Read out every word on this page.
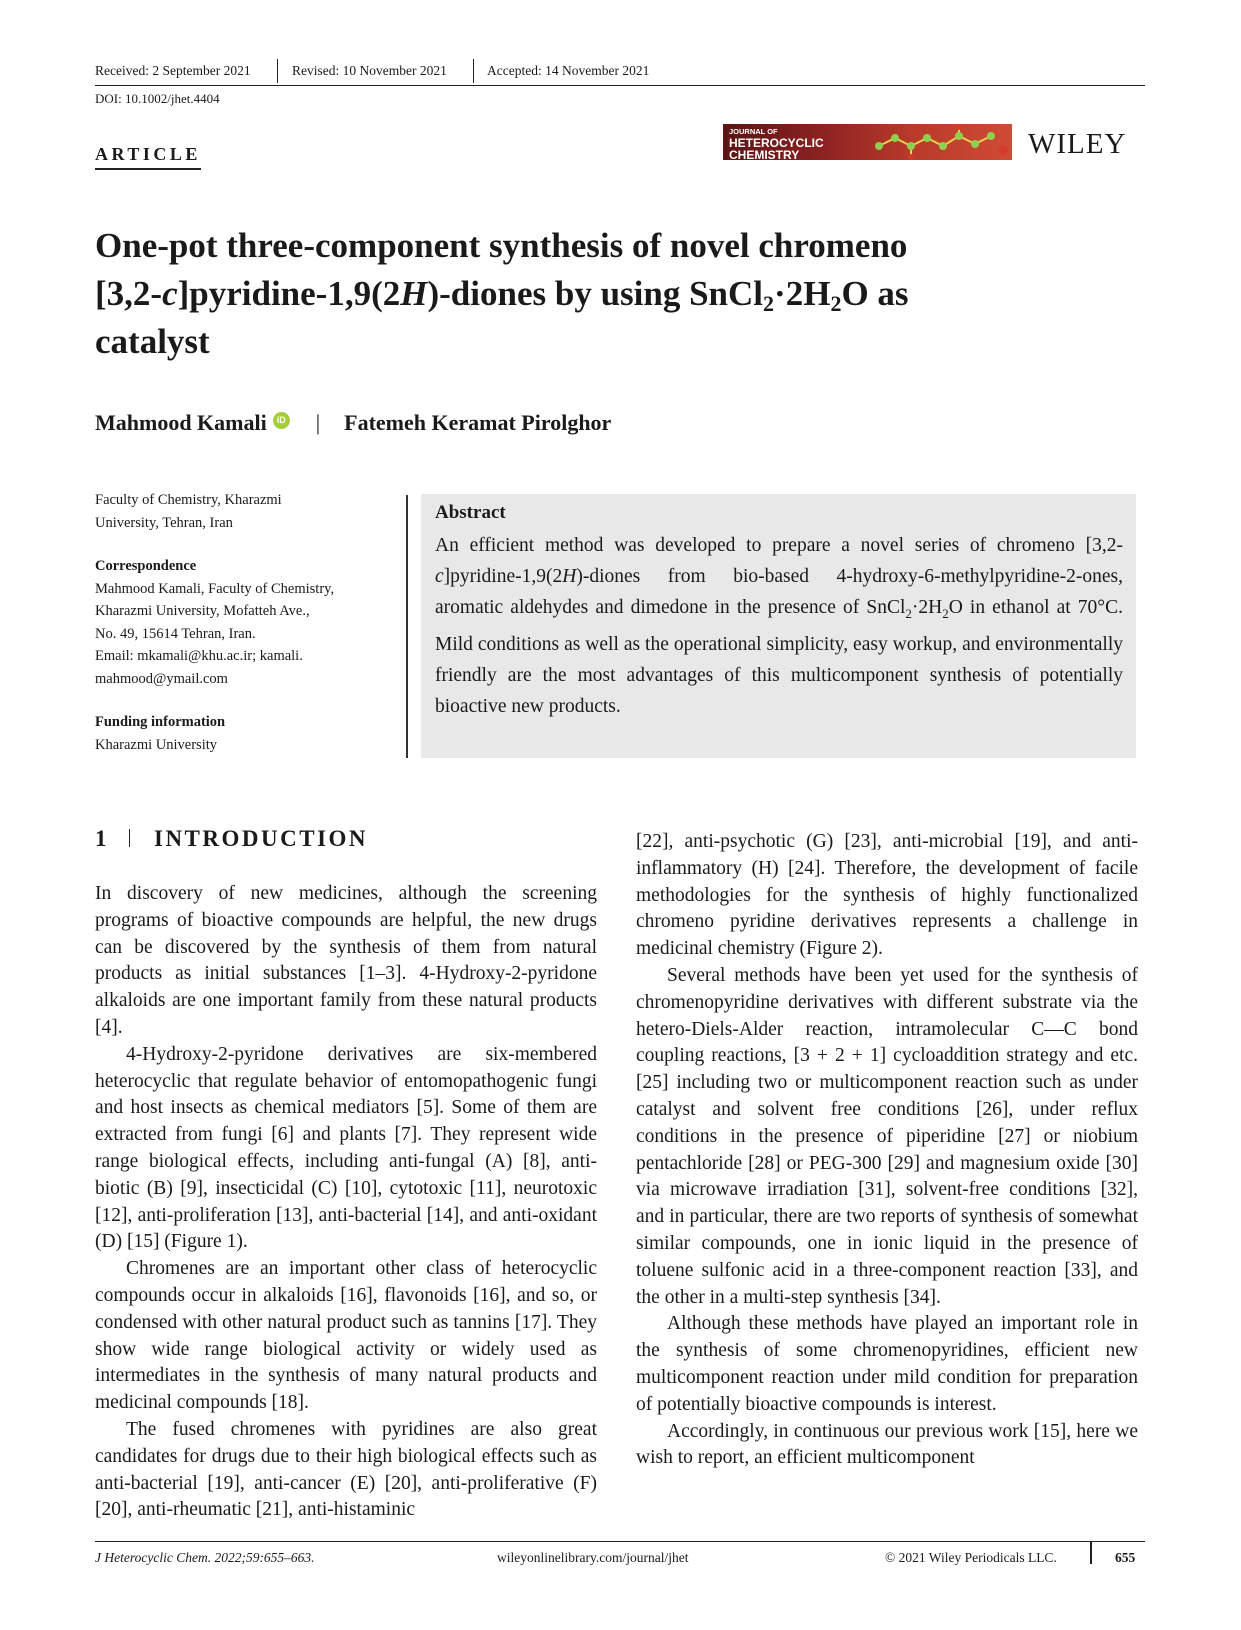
Received: 2 September 2021	Revised: 10 November 2021	Accepted: 14 November 2021
DOI: 10.1002/jhet.4404
ARTICLE
JOURNAL OF
HETEROCYCLIC
CHEMISTRY	WILEY
One-pot three-component synthesis of novel chromeno
[3,2-c]pyridine-1,9(2H)-diones by using $SnCl_2\cdot 2H_2O$ as
catalyst
Mahmood Kamali	iD | Fatemeh Keramat Pirolghor

Faculty of Chemistry, Kharazmi
University, Tehran, Iran

Correspondence

Mahmood Kamali, Faculty of Chemistry,

Kharazmi University, Mofatteh Ave.,

No. 49, 15614 Tehran, Iran.

Email: mkamali@khu.ac.ir; kamali.

mahmood@ymail.com

Funding information

Kharazmi University

Abstract
An efficient method was developed to prepare a novel series of chromeno [3,2-c]pyridine-1,9(2H)-diones from bio-based 4-hydroxy-6-methylpyridine-2-ones, aromatic aldehydes and dimedone in the presence of $SnCl_2\cdot 2H_2O$ in ethanol at 70°C. Mild conditions as well as the operational simplicity, easy workup, and environmentally friendly are the most advantages of this multicomponent synthesis of potentially bioactive new products.
1 INTRODUCTION

In discovery of new medicines, although the screening programs of bioactive compounds are helpful, the new drugs can be discovered by the synthesis of them from natural products as initial substances [1–3]. 4-Hydroxy-2-pyridone alkaloids are one important family from these natural products [4].

4-Hydroxy-2-pyridone derivatives are six-membered heterocyclic that regulate behavior of entomopathogenic fungi and host insects as chemical mediators [5]. Some of them are extracted from fungi [6] and plants [7]. They represent wide range biological effects, including anti-fungal (A) [8], anti-biotic (B) [9], insecticidal (C) [10], cytotoxic [11], neurotoxic [12], anti-proliferation [13], anti-bacterial [14], and anti-oxidant (D) [15] (Figure 1).

Chromenes are an important other class of heterocyclic compounds occur in alkaloids [16], flavonoids [16], and so, or condensed with other natural product such as tannins [17]. They show wide range biological activity or widely used as intermediates in the synthesis of many natural products and medicinal compounds [18].

The fused chromenes with pyridines are also great candidates for drugs due to their high biological effects such as anti-bacterial [19], anti-cancer (E) [20], anti-proliferative (F) [20], anti-rheumatic [21], anti-histaminic

[22], anti-psychotic (G) [23], anti-microbial [19], and anti-inflammatory (H) [24]. Therefore, the development of facile methodologies for the synthesis of highly functionalized chromeno pyridine derivatives represents a challenge in medicinal chemistry (Figure 2).

Several methods have been yet used for the synthesis of chromenopyridine derivatives with different substrate via the hetero-Diels-Alder reaction, intramolecular C—C bond coupling reactions, [3 + 2 + 1] cycloaddition strategy and etc. [25] including two or multicomponent reaction such as under catalyst and solvent free conditions [26], under reflux conditions in the presence of piperidine [27] or niobium pentachloride [28] or PEG-300 [29] and magnesium oxide [30] via microwave irradiation [31], solvent-free conditions [32], and in particular, there are two reports of synthesis of somewhat similar compounds, one in ionic liquid in the presence of toluene sulfonic acid in a three-component reaction [33], and the other in a multi-step synthesis [34].

Although these methods have played an important role in the synthesis of some chromenopyridines, efficient new multicomponent reaction under mild condition for preparation of potentially bioactive compounds is interest.

Accordingly, in continuous our previous work [15], here we wish to report, an efficient multicomponent

J Heterocyclic Chem. 2022;59:655–663.	wileyonlinelibrary.com/journal/jhet	© 2021 Wiley Periodicals LLC.	655
